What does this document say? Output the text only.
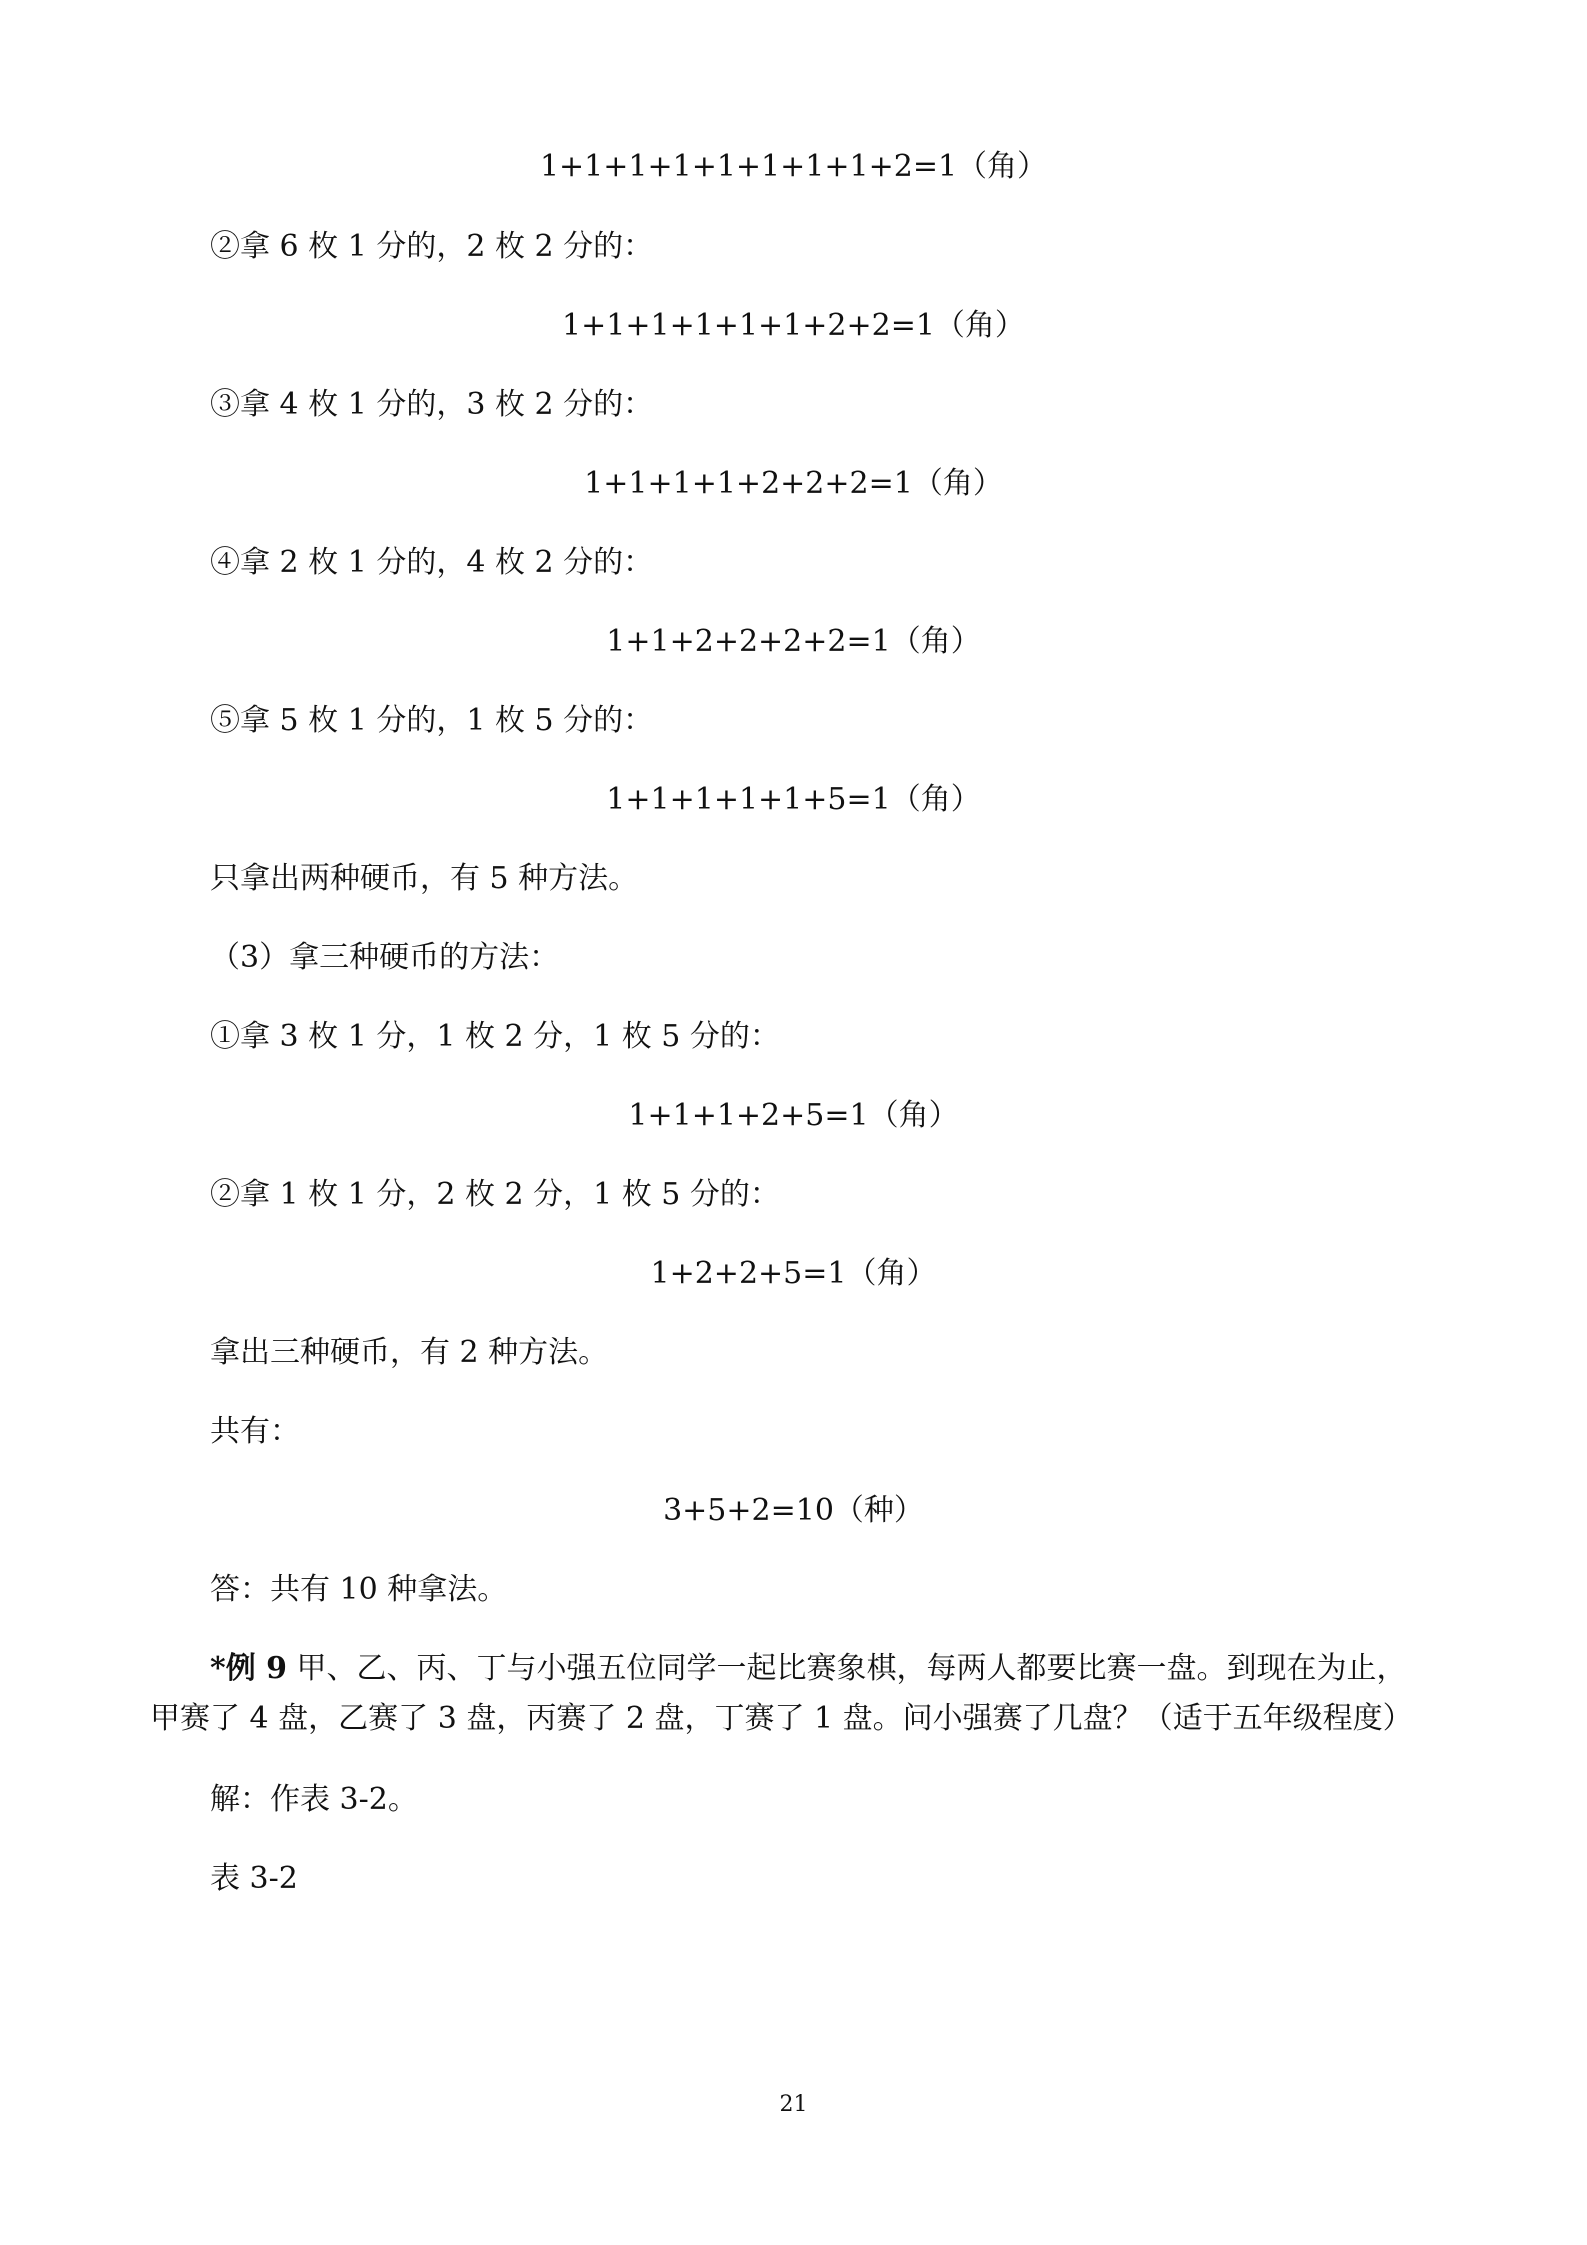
1+1+1+1+1+1+1+1+2=1（角）
②拿 6 枚 1 分的，2 枚 2 分的：
1+1+1+1+1+1+2+2=1（角）
③拿 4 枚 1 分的，3 枚 2 分的：
1+1+1+1+2+2+2=1（角）
④拿 2 枚 1 分的，4 枚 2 分的：
1+1+2+2+2+2=1（角）
⑤拿 5 枚 1 分的，1 枚 5 分的：
1+1+1+1+1+5=1（角）
只拿出两种硬币，有 5 种方法。
（3）拿三种硬币的方法：
①拿 3 枚 1 分，1 枚 2 分，1 枚 5 分的：
1+1+1+2+5=1（角）
②拿 1 枚 1 分，2 枚 2 分，1 枚 5 分的：
1+2+2+5=1（角）
拿出三种硬币，有 2 种方法。
共有：
3+5+2=10（种）
答：共有 10 种拿法。
*例 9 甲、乙、丙、丁与小强五位同学一起比赛象棋，每两人都要比赛一盘。到现在为止，
甲赛了 4 盘，乙赛了 3 盘，丙赛了 2 盘，丁赛了 1 盘。问小强赛了几盘？（适于五年级程度）
解：作表 3-2。
表 3-2
21
